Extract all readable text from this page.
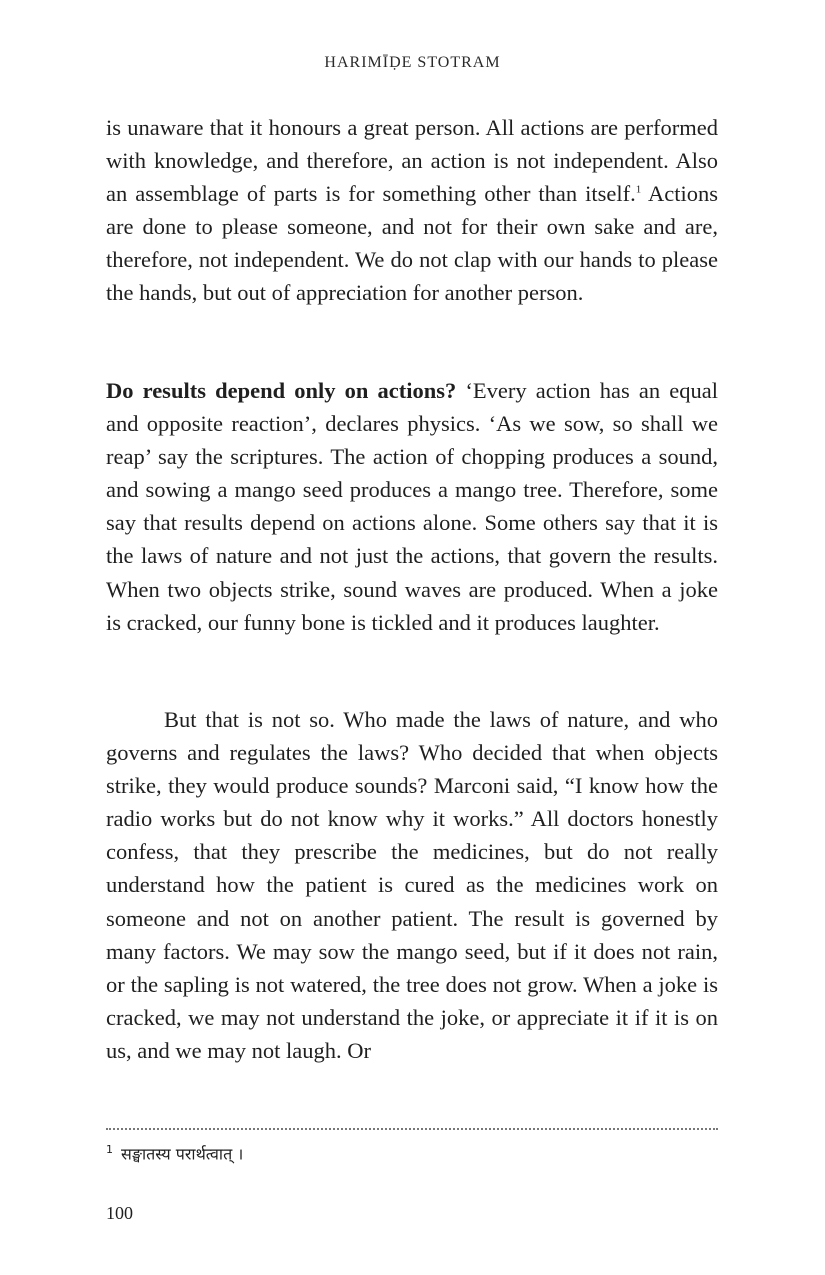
HARIMĪḌE STOTRAM

is unaware that it honours a great person. All actions are performed with knowledge, and therefore, an action is not independent. Also an assemblage of parts is for something other than itself.$^1$ Actions are done to please someone, and not for their own sake and are, therefore, not independent. We do not clap with our hands to please the hands, but out of appreciation for another person.

Do results depend only on actions? ‘Every action has an equal and opposite reaction’, declares physics. ‘As we sow, so shall we reap’ say the scriptures. The action of chopping produces a sound, and sowing a mango seed produces a mango tree. Therefore, some say that results depend on actions alone. Some others say that it is the laws of nature and not just the actions, that govern the results. When two objects strike, sound waves are produced. When a joke is cracked, our funny bone is tickled and it produces laughter.

But that is not so. Who made the laws of nature, and who governs and regulates the laws? Who decided that when objects strike, they would produce sounds? Marconi said, “I know how the radio works but do not know why it works.” All doctors honestly confess, that they prescribe the medicines, but do not really understand how the patient is cured as the medicines work on someone and not on another patient. The result is governed by many factors. We may sow the mango seed, but if it does not rain, or the sapling is not watered, the tree does not grow. When a joke is cracked, we may not understand the joke, or appreciate it if it is on us, and we may not laugh. Or

$^1$ सङ्घातस्य परार्थत्वात् ।
100
